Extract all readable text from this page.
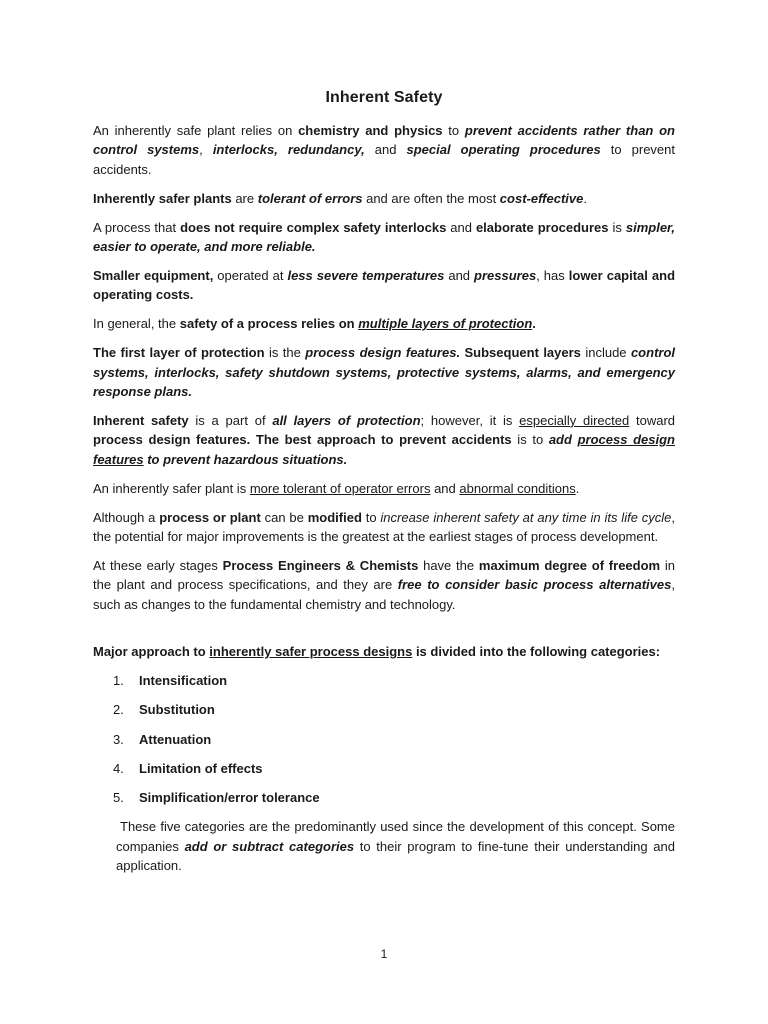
Inherent Safety

An inherently safe plant relies on chemistry and physics to prevent accidents rather than on control systems, interlocks, redundancy, and special operating procedures to prevent accidents.

Inherently safer plants are tolerant of errors and are often the most cost-effective.

A process that does not require complex safety interlocks and elaborate procedures is simpler, easier to operate, and more reliable.

Smaller equipment, operated at less severe temperatures and pressures, has lower capital and operating costs.

In general, the safety of a process relies on multiple layers of protection.

The first layer of protection is the process design features. Subsequent layers include control systems, interlocks, safety shutdown systems, protective systems, alarms, and emergency response plans.

Inherent safety is a part of all layers of protection; however, it is especially directed toward process design features. The best approach to prevent accidents is to add process design features to prevent hazardous situations.

An inherently safer plant is more tolerant of operator errors and abnormal conditions.

Although a process or plant can be modified to increase inherent safety at any time in its life cycle, the potential for major improvements is the greatest at the earliest stages of process development.

At these early stages Process Engineers & Chemists have the maximum degree of freedom in the plant and process specifications, and they are free to consider basic process alternatives, such as changes to the fundamental chemistry and technology.

Major approach to inherently safer process designs is divided into the following categories:

1.	Intensification
2.	Substitution
3.	Attenuation
4.	Limitation of effects
5.	Simplification/error tolerance

These five categories are the predominantly used since the development of this concept. Some companies add or subtract categories to their program to fine-tune their understanding and application.

1
